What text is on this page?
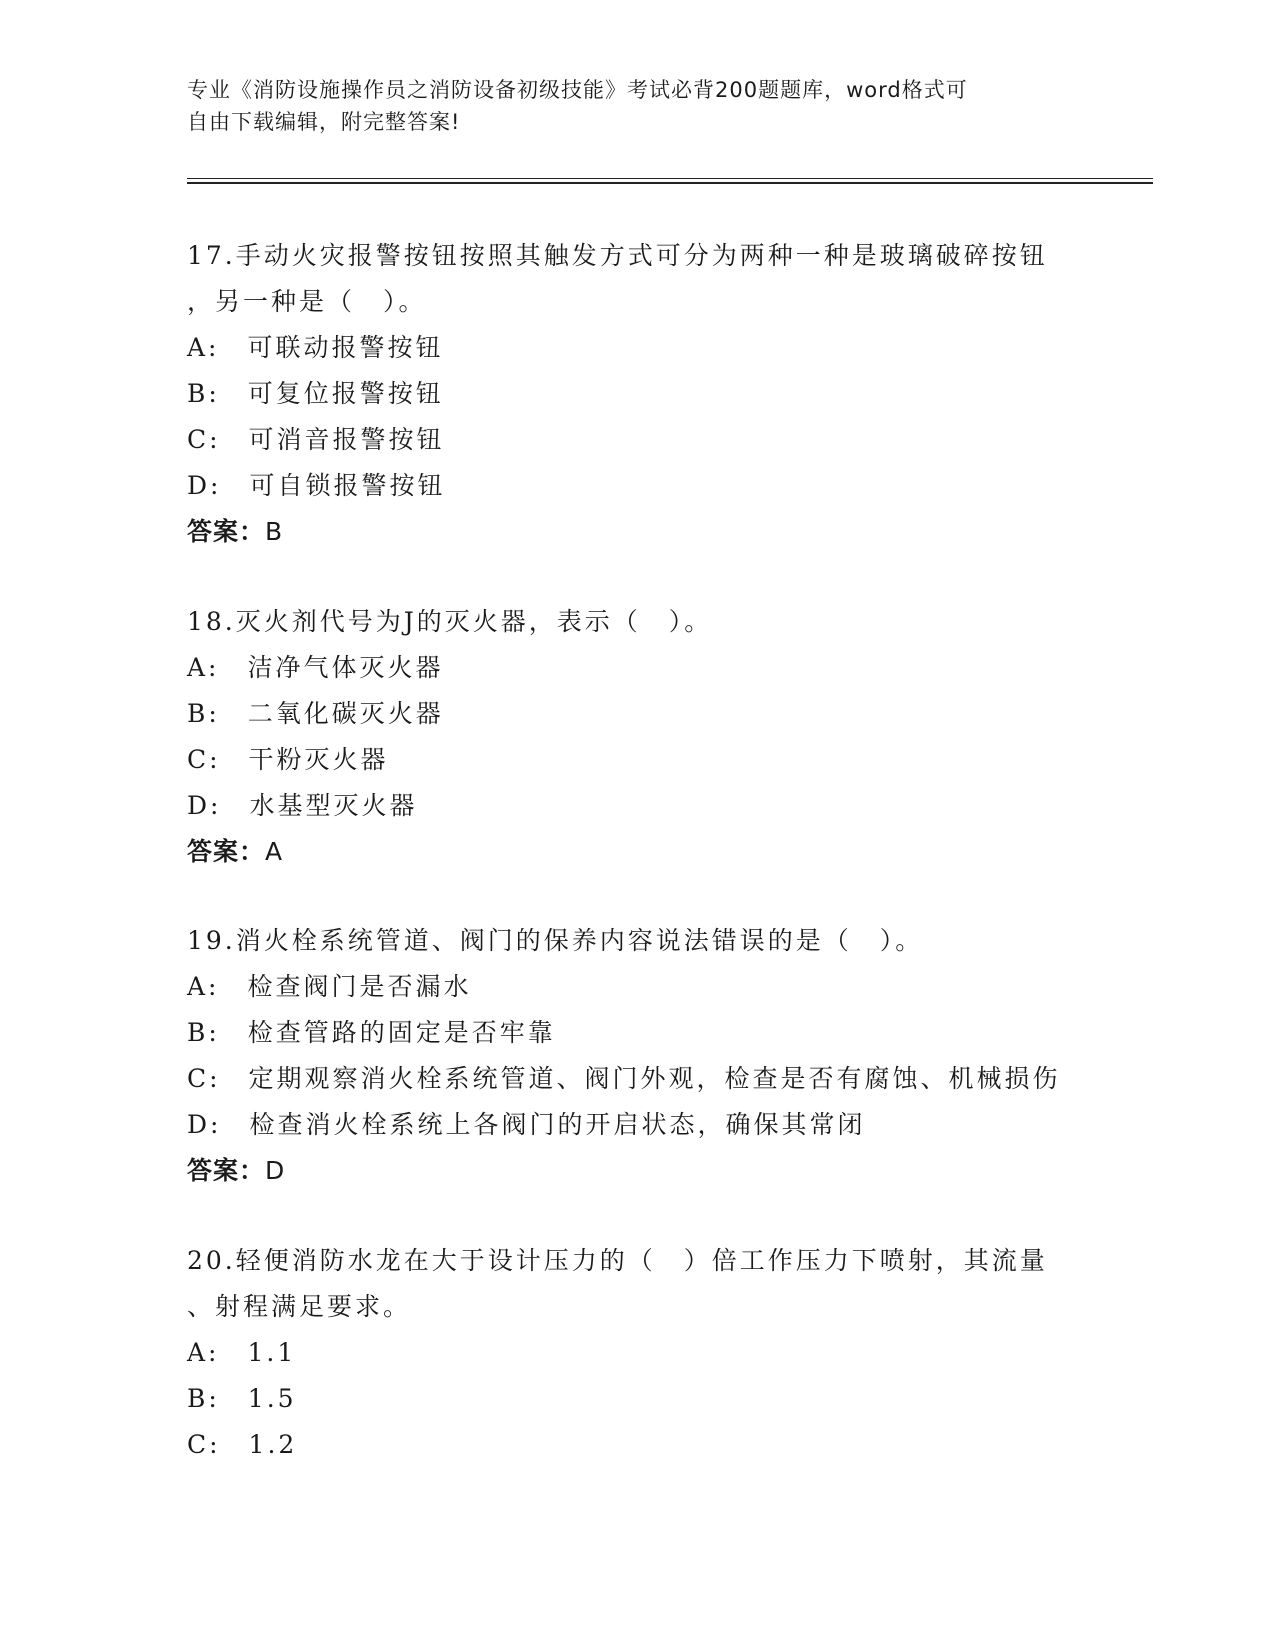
专业《消防设施操作员之消防设备初级技能》考试必背200题题库，word格式可
自由下载编辑，附完整答案!
17.手动火灾报警按钮按照其触发方式可分为两种一种是玻璃破碎按钮
，另一种是（　）。
A:　可联动报警按钮
B:　可复位报警按钮
C:　可消音报警按钮
D:　可自锁报警按钮
答案：B
18.灭火剂代号为J的灭火器，表示（　）。
A:　洁净气体灭火器
B:　二氧化碳灭火器
C:　干粉灭火器
D:　水基型灭火器
答案：A
19.消火栓系统管道、阀门的保养内容说法错误的是（　）。
A:　检查阀门是否漏水
B:　检查管路的固定是否牢靠
C:　定期观察消火栓系统管道、阀门外观，检查是否有腐蚀、机械损伤
D:　检查消火栓系统上各阀门的开启状态，确保其常闭
答案：D
20.轻便消防水龙在大于设计压力的（　）倍工作压力下喷射，其流量
、射程满足要求。
A:　1.1
B:　1.5
C:　1.2
